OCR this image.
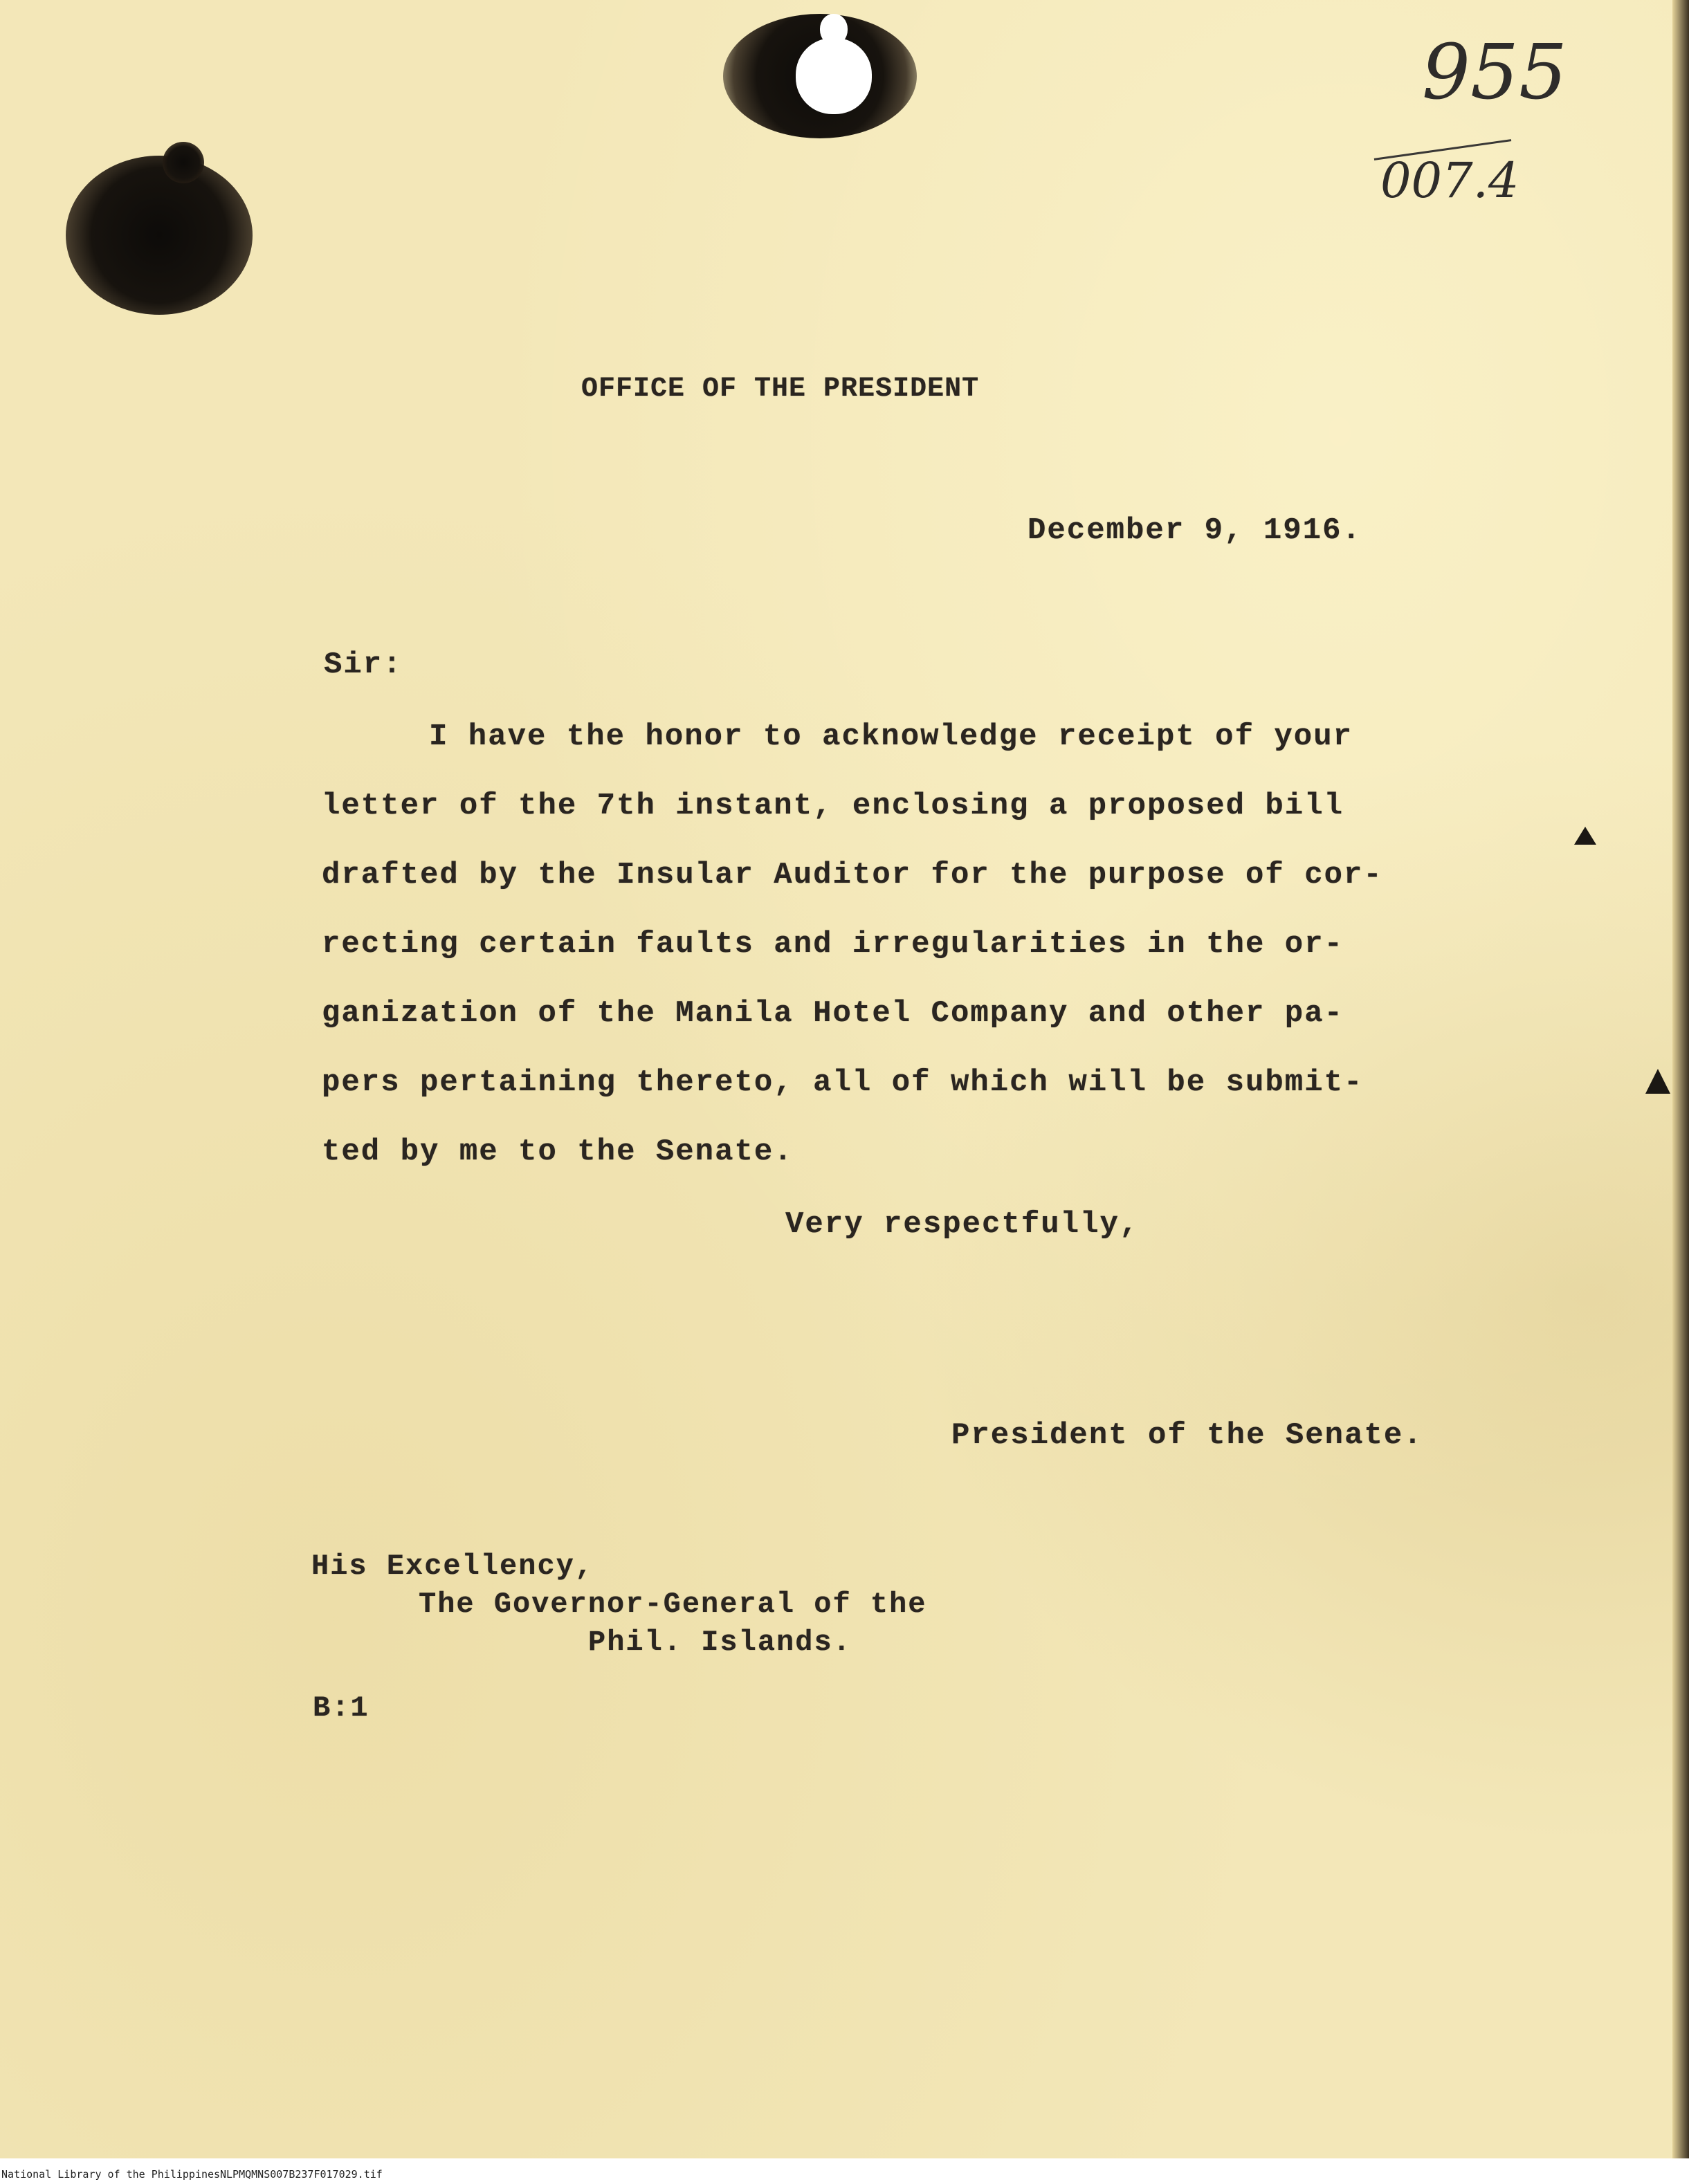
955
007.4

OFFICE OF THE PRESIDENT

December 9, 1916.

Sir:

I have the honor to acknowledge receipt of your

letter of the 7th instant, enclosing a proposed bill

drafted by the Insular Auditor for the purpose of cor-

recting certain faults and irregularities in the or-

ganization of the Manila Hotel Company and other pa-

pers pertaining thereto, all of which will be submit-

ted by me to the Senate.

Very respectfully,

President of the Senate.

His Excellency,

The Governor-General of the

Phil. Islands.

B:1

National Library of the Philippines NLPMQMNS007B237F017029.tif
